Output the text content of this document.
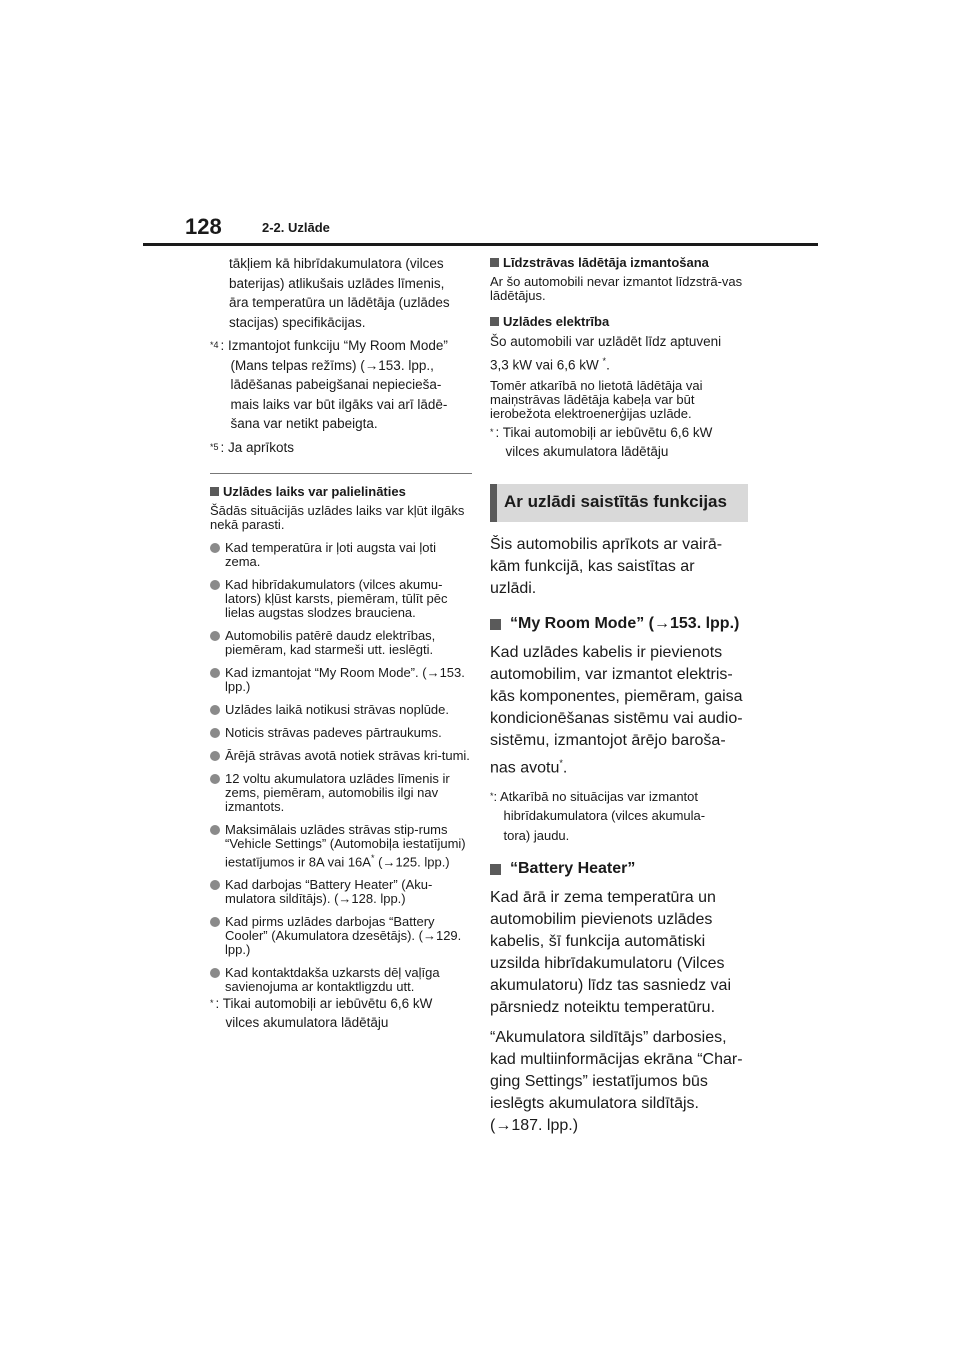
128	2-2. Uzlāde

tākļiem kā hibrīdakumulatora (vilces

baterijas) atlikušais uzlādes līmenis,

āra temperatūra un lādētāja (uzlādes

stacijas) specifikācijas.

$^{*4}$ : Izmantojot funkciju “My Room Mode”

(Mans telpas režīms) (→153. lpp.,

lādēšanas pabeigšanai nepiecieša-

mais laiks var būt ilgāks vai arī lādē-

šana var netikt pabeigta.

$^{*5}$ : Ja aprīkots

Uzlādes laiks var palielināties

Šādās situācijās uzlādes laiks var kļūt ilgāks nekā parasti.

Kad temperatūra ir ļoti augsta vai ļoti zema.
Kad hibrīdakumulators (vilces akumu-lators) kļūst karsts, piemēram, tūlīt pēc lielas augstas slodzes brauciena.
Automobilis patērē daudz elektrības, piemēram, kad starmeši utt. ieslēgti.
Kad izmantojat “My Room Mode”. (→153. lpp.)
Uzlādes laikā notikusi strāvas noplūde.
Noticis strāvas padeves pārtraukums.
Ārējā strāvas avotā notiek strāvas kri-tumi.
12 voltu akumulatora uzlādes līmenis ir zems, piemēram, automobilis ilgi nav izmantots.
Maksimālais uzlādes strāvas stip-rums “Vehicle Settings” (Automobiļa iestatījumi) iestatījumos ir 8A vai 16A* (→125. lpp.)
Kad darbojas “Battery Heater” (Aku-mulatora sildītājs). (→128. lpp.)
Kad pirms uzlādes darbojas “Battery Cooler” (Akumulatora dzesētājs). (→129. lpp.)
Kad kontaktdakša uzkarsts dēļ vaļīga savienojuma ar kontaktligzdu utt.
* : Tikai automobiļi ar iebūvētu 6,6 kW

vilces akumulatora lādētāju

Līdzstrāvas lādētāja izmantošana

Ar šo automobili nevar izmantot līdzstrā-vas lādētājus.

Uzlādes elektrība

Šo automobili var uzlādēt līdz aptuveni

3,3 kW vai 6,6 kW *.

Tomēr atkarībā no lietotā lādētāja vai maiņstrāvas lādētāja kabeļa var būt ierobežota elektroenerģijas uzlāde.

* : Tikai automobiļi ar iebūvētu 6,6 kW

vilces akumulatora lādētāju

Ar uzlādi saistītās funkcijas

Šis automobilis aprīkots ar vairā-

kām funkcijā, kas saistītas ar

uzlādi.

“My Room Mode” (→153. lpp.)

Kad uzlādes kabelis ir pievienots

automobilim, var izmantot elektris-

kās komponentes, piemēram, gaisa

kondicionēšanas sistēmu vai audio-

sistēmu, izmantojot ārējo baroša-

nas avotu*.

* : Atkarībā no situācijas var izmantot

hibrīdakumulatora (vilces akumula-

tora) jaudu.

“Battery Heater”

Kad ārā ir zema temperatūra un

automobilim pievienots uzlādes

kabelis, šī funkcija automātiski

uzsilda hibrīdakumulatoru (Vilces

akumulatoru) līdz tas sasniedz vai

pārsniedz noteiktu temperatūru.

“Akumulatora sildītājs” darbosies,

kad multiinformācijas ekrāna “Char-

ging Settings” iestatījumos būs

ieslēgts akumulatora sildītājs.

(→187. lpp.)
